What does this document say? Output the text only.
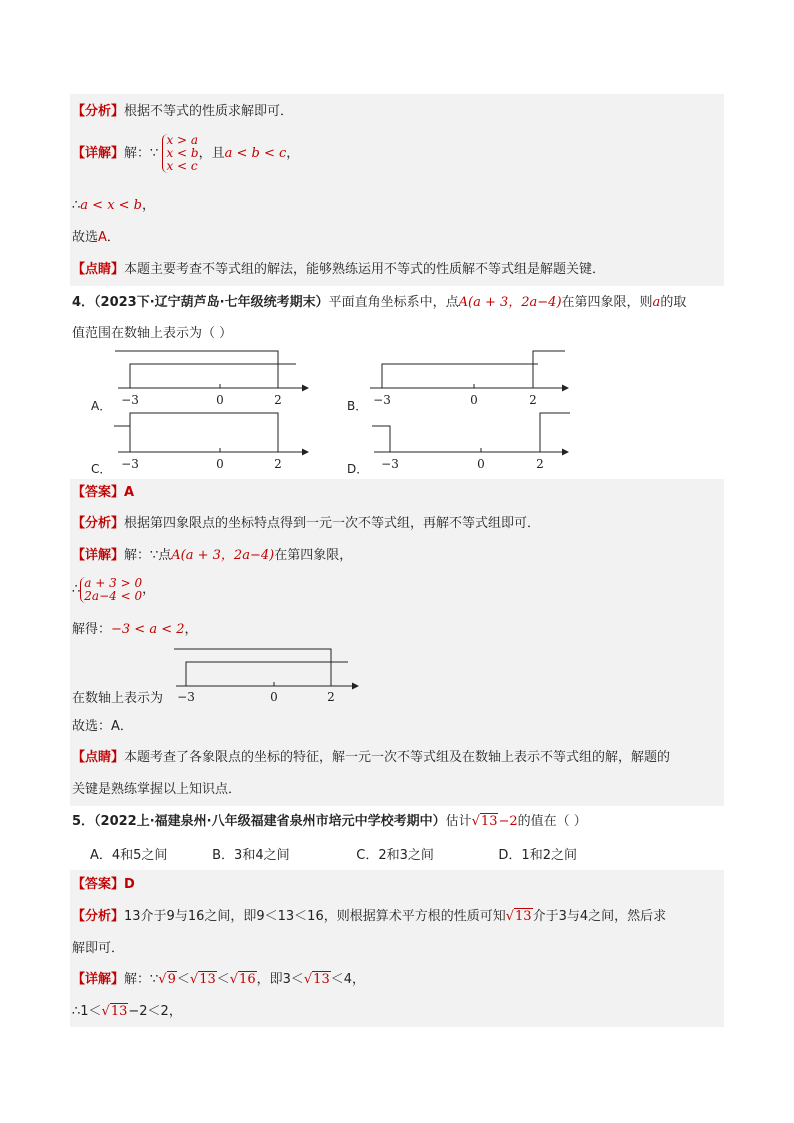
【分析】根据不等式的性质求解即可．
【详解】解：∵
x > a
x < b
x < c
，且a < b < c，
∴a < x < b，
故选A．
【点睛】本题主要考查不等式组的解法，能够熟练运用不等式的性质解不等式组是解题关键．
4．（2023下·辽宁葫芦岛·七年级统考期末）平面直角坐标系中，点A(a + 3，2a−4)在第四象限，则a的取
值范围在数轴上表示为（ ）
A． −3	0	2	B． −3	0	2
C． −3	0	2	D． −3	0	2
【答案】A
【分析】根据第四象限点的坐标特点得到一元一次不等式组，再解不等式组即可．
【详解】解：∵点A(a + 3，2a−4)在第四象限，
∴ a + 3 > 0
2a−4 < 0 ，
解得：−3 < a < 2，
−3	0	2
在数轴上表示为
故选：A．
【点睛】本题考查了各象限点的坐标的特征，解一元一次不等式组及在数轴上表示不等式组的解，解题的
关键是熟练掌握以上知识点．
5．（2022上·福建泉州·八年级福建省泉州市培元中学校考期中）估计√13−2的值在（ ）
A．4和5之间	B．3和4之间	C．2和3之间	D．1和2之间
【答案】D
【分析】13介于9与16之间，即9＜13＜16，则根据算术平方根的性质可知√13介于3与4之间，然后求
解即可．
【详解】解：∵√9＜√13＜√16，即3＜√13＜4，
∴1＜√13−2＜2，
